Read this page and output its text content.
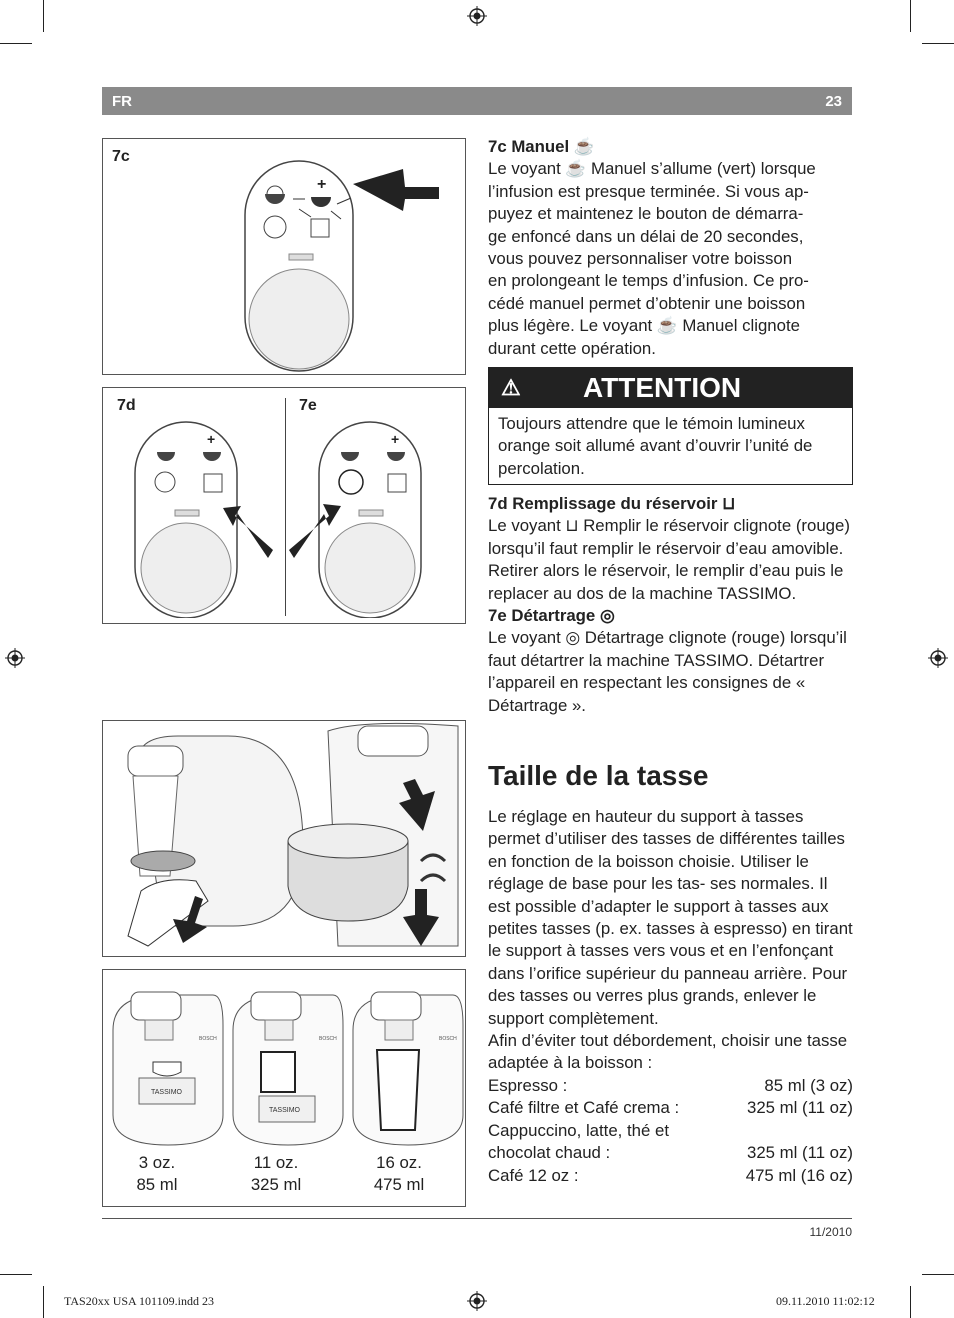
FR	23
7c
+
7d	7e
+	+
TASSIMO
BOSCH
TASSIMO
BOSCH	BOSCH
3 oz.
85 ml
11 oz.
325 ml
16 oz.
475 ml

7c Manuel ☕

Le voyant ☕ Manuel s’allume (vert) lorsque

l’infusion est presque terminée. Si vous ap-

puyez et maintenez le bouton de démarra-

ge enfoncé dans un délai de 20 secondes,

vous pouvez personnaliser votre boisson

en prolongeant le temps d’infusion. Ce pro-

cédé manuel permet d’obtenir une boisson

plus légère. Le voyant ☕ Manuel clignote

durant cette opération.

⚠ ATTENTION
Toujours attendre que le témoin lumineux orange soit allumé avant d’ouvrir l’unité de percolation.

7d Remplissage du réservoir ⊔

Le voyant ⊔ Remplir le réservoir clignote (rouge) lorsqu’il faut remplir le réservoir d’eau amovible. Retirer alors le réservoir, le remplir d’eau puis le replacer au dos de la machine TASSIMO.

7e Détartrage ◎

Le voyant ◎ Détartrage clignote (rouge) lorsqu’il faut détartrer la machine TASSIMO. Détartrer l’appareil en respectant les consignes de « Détartrage ».

Taille de la tasse

Le réglage en hauteur du support à tasses permet d’utiliser des tasses de différentes tailles en fonction de la boisson choisie. Utiliser le réglage de base pour les tas- ses normales. Il est possible d’adapter le support à tasses aux petites tasses (p. ex. tasses à espresso) en tirant le support à tasses vers vous et en l’enfonçant dans l’orifice supérieur du panneau arrière. Pour des tasses ou verres plus grands, enlever le support complètement.

Afin d’éviter tout débordement, choisir une tasse adaptée à la boisson :

Espresso :	85 ml (3 oz)
Café filtre et Café crema :	325 ml (11 oz)
Cappuccino, latte, thé et
chocolat chaud :	325 ml (11 oz)
Café 12 oz :	475 ml (16 oz)
11/2010
TAS20xx USA 101109.indd 23	09.11.2010 11:02:12
